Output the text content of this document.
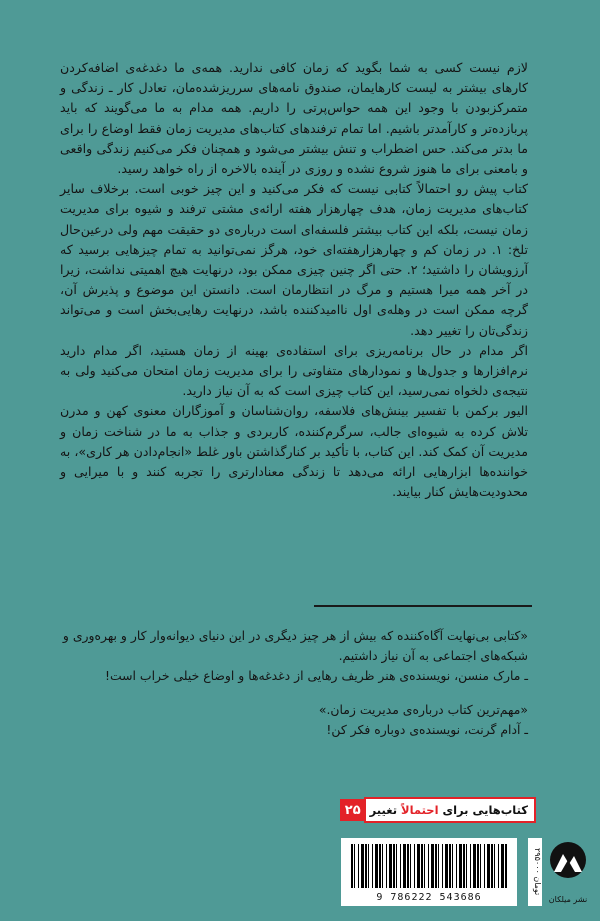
لازم نیست کسی به شما بگوید که زمان کافی ندارید. همه‌ی ما دغدغه‌ی اضافه‌کردن کارهای بیشتر به لیست کارهایمان، صندوق نامه‌های سرریزشده‌مان، تعادل کار ـ زندگی و متمرکزبودن با وجود این همه حواس‌پرتی را داریم. همه مدام به ما می‌گویند که باید پربازده‌تر و کارآمدتر باشیم. اما تمام ترفندهای کتاب‌های مدیریت زمان فقط اوضاع را برای ما بدتر می‌کند. حس اضطراب و تنش بیشتر می‌شود و همچنان فکر می‌کنیم زندگی واقعی و بامعنی برای ما هنوز شروع نشده و روزی در آینده بالاخره از راه خواهد رسید.

کتاب پیش رو احتمالاً کتابی نیست که فکر می‌کنید و این چیز خوبی است. برخلاف سایر کتاب‌های مدیریت زمان، هدف چهارهزار هفته ارائه‌ی مشتی ترفند و شیوه برای مدیریت زمان نیست، بلکه این کتاب بیشتر فلسفه‌ای است درباره‌ی دو حقیقت مهم ولی درعین‌حال تلخ: ۱. در زمان کم و چهارهزارهفته‌ای خود، هرگز نمی‌توانید به تمام چیزهایی برسید که آرزویشان را داشتید؛ ۲. حتی اگر چنین چیزی ممکن بود، درنهایت هیچ اهمیتی نداشت، زیرا در آخر همه میرا هستیم و مرگ در انتظارمان است. دانستن این موضوع و پذیرش آن، گرچه ممکن است در وهله‌ی اول ناامیدکننده باشد، درنهایت رهایی‌بخش است و می‌تواند زندگی‌تان را تغییر دهد.

اگر مدام در حال برنامه‌ریزی برای استفاده‌ی بهینه از زمان هستید، اگر مدام دارید نرم‌افزارها و جدول‌ها و نمودارهای متفاوتی را برای مدیریت زمان امتحان می‌کنید ولی به نتیجه‌ی دلخواه نمی‌رسید، این کتاب چیزی است که به آن نیاز دارید.

الیور برکمن با تفسیر بینش‌های فلاسفه، روان‌شناسان و آموزگاران معنوی کهن و مدرن تلاش کرده به شیوه‌ای جالب، سرگرم‌کننده، کاربردی و جذاب به ما در شناخت زمان و مدیریت آن کمک کند. این کتاب، با تأکید بر کنارگذاشتن باور غلط «انجام‌دادن هر کاری»، به خواننده‌ها ابزارهایی ارائه می‌دهد تا زندگی معنادارتری را تجربه کنند و با میرایی و محدودیت‌هایش کنار بیایند.

«کتابی بی‌نهایت آگاه‌کننده که بیش از هر چیز دیگری در این دنیای دیوانه‌وار کار و بهره‌وری و شبکه‌های اجتماعی به آن نیاز داشتیم.

ـ مارک منسن، نویسنده‌ی هنر ظریف رهایی از دغدغه‌ها و اوضاع خیلی خراب است!

«مهم‌ترین کتاب درباره‌ی مدیریت زمان.»

ـ آدام گرنت، نویسنده‌ی دوباره فکر کن!

کتاب‌هایی برای احتمالاً تغییر
۲۵
۲۹۵۰۰۰ تومان
9 786222 543686	نشر میلکان
